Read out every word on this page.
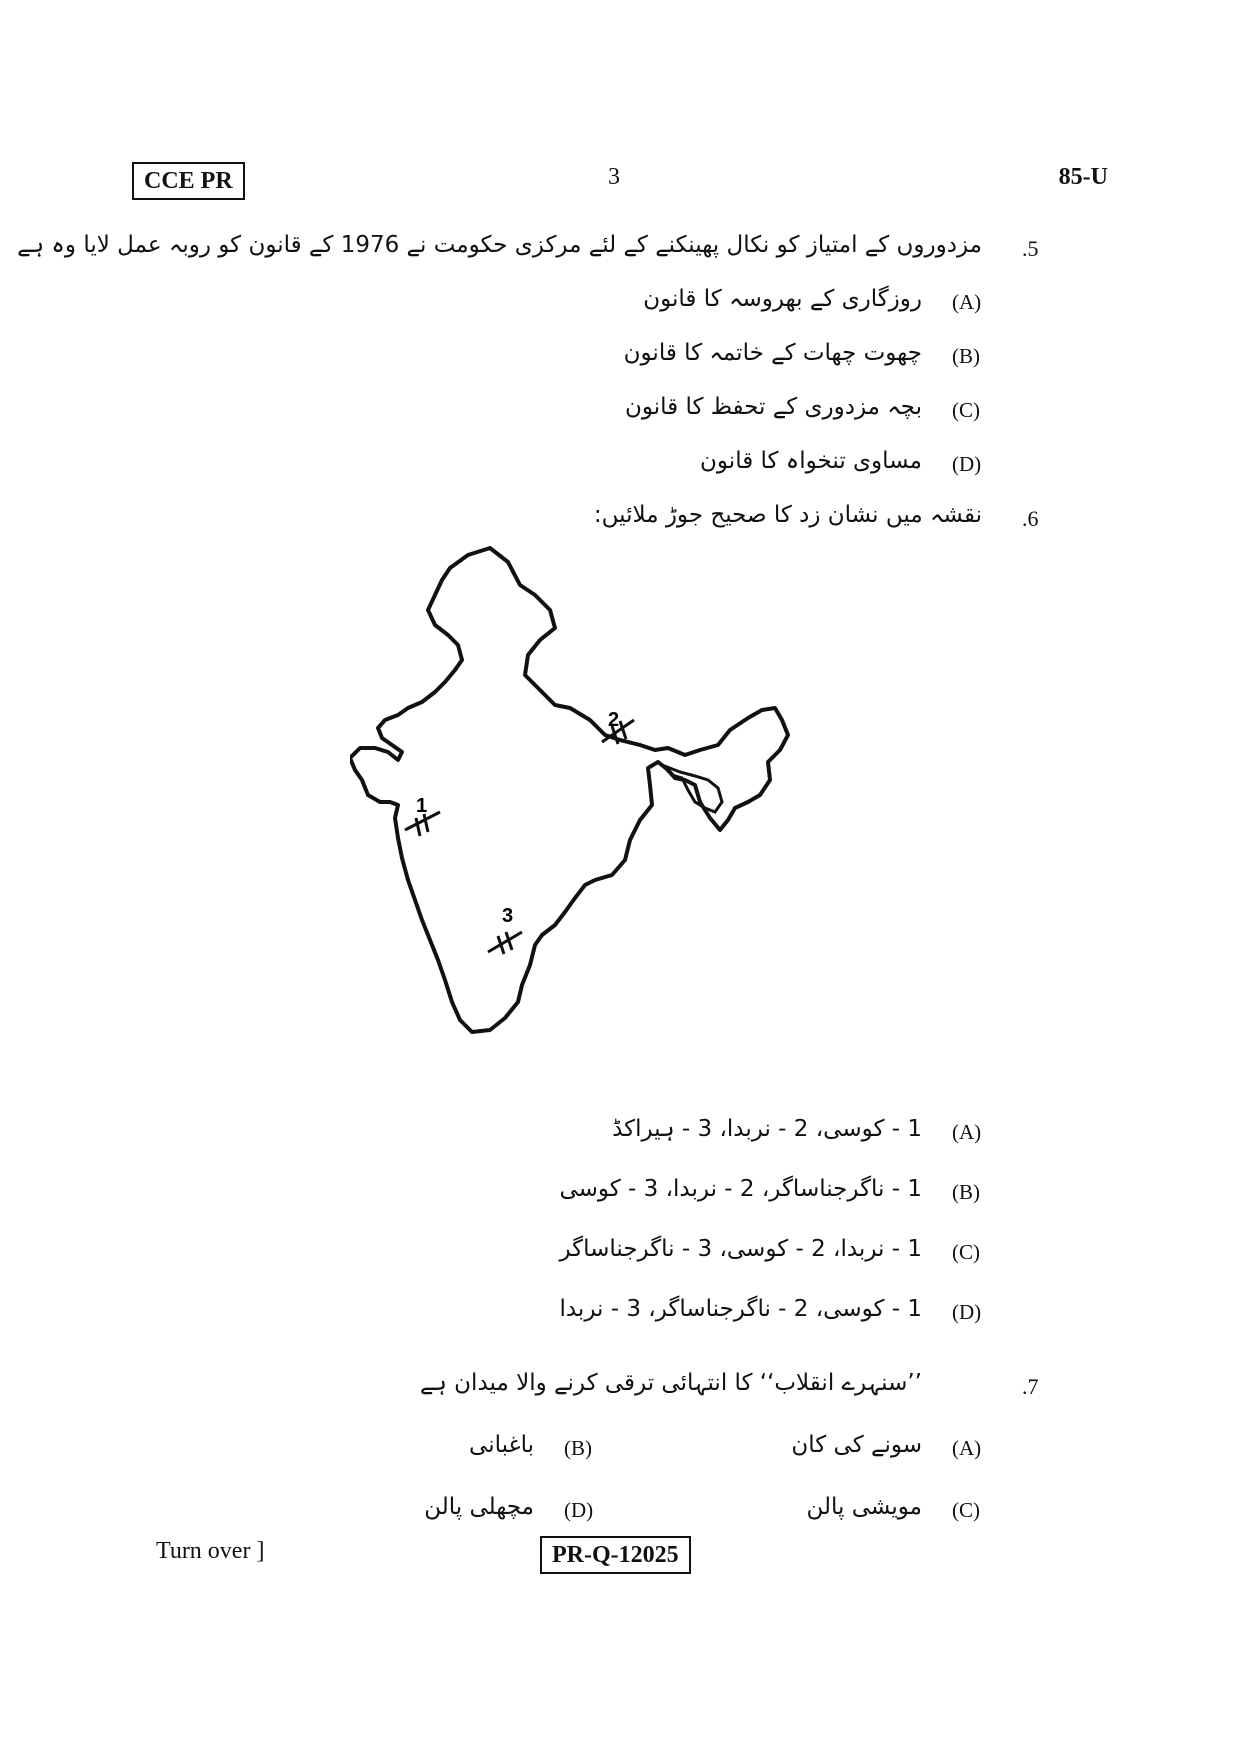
CCE PR	3	85-U
.5
مزدوروں کے امتیاز کو نکال پھینکنے کے لئے مرکزی حکومت نے 1976 کے قانون کو روبہ عمل لایا وہ ہے
(A)
روزگاری کے بھروسہ کا قانون
(B)
چھوت چھات کے خاتمہ کا قانون
(C)
بچہ مزدوری کے تحفظ کا قانون
(D)
مساوی تنخواہ کا قانون
.6
نقشہ میں نشان زد کا صحیح جوڑ ملائیں:
1
2
3
(A)
1 - کوسی، 2 - نربدا، 3 - ہیراکڈ
(B)
1 - ناگرجناساگر، 2 - نربدا، 3 - کوسی
(C)
1 - نربدا، 2 - کوسی، 3 - ناگرجناساگر
(D)
1 - کوسی، 2 - ناگرجناساگر، 3 - نربدا
.7
’’سنہرے انقلاب‘‘ کا انتہائی ترقی کرنے والا میدان ہے
(A)
سونے کی کان
(B)
باغبانی
(C)
مویشی پالن
(D)
مچھلی پالن
Turn over ]	PR-Q-12025
